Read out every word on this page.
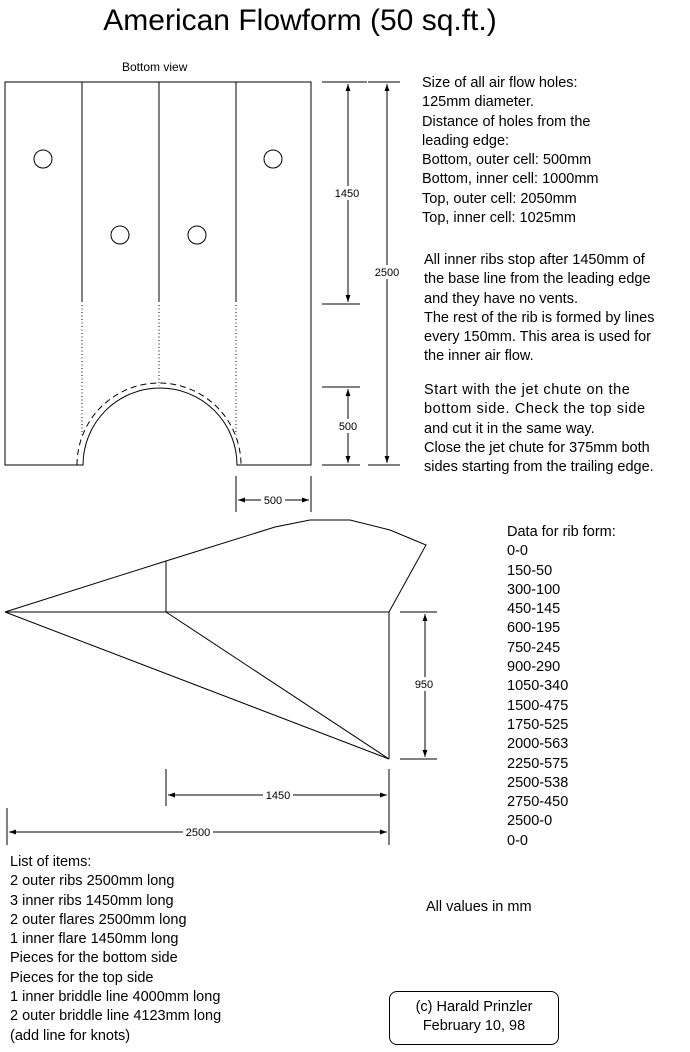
American Flowform (50 sq.ft.)
Bottom view
1450
2500
500
500
950
1450
2500
Size of all air flow holes:
125mm diameter.
Distance of holes from the
leading edge:
Bottom, outer cell: 500mm
Bottom, inner cell: 1000mm
Top, outer cell: 2050mm
Top, inner cell: 1025mm
All inner ribs stop after 1450mm of
the base line from the leading edge
and they have no vents.
The rest of the rib is formed by lines
every 150mm. This area is used for
the inner air flow.
Start with the jet chute on the
bottom side. Check the top side
and cut it in the same way.
Close the jet chute for 375mm both
sides starting from the trailing edge.
Data for rib form:
0-0
150-50
300-100
450-145
600-195
750-245
900-290
1050-340
1500-475
1750-525
2000-563
2250-575
2500-538
2750-450
2500-0
0-0
List of items:
2 outer ribs 2500mm long
3 inner ribs 1450mm long
2 outer flares 2500mm long
1 inner flare 1450mm long
Pieces for the bottom side
Pieces for the top side
1 inner briddle line 4000mm long
2 outer briddle line 4123mm long
(add line for knots)
All values in mm
(c) Harald Prinzler
February 10, 98
